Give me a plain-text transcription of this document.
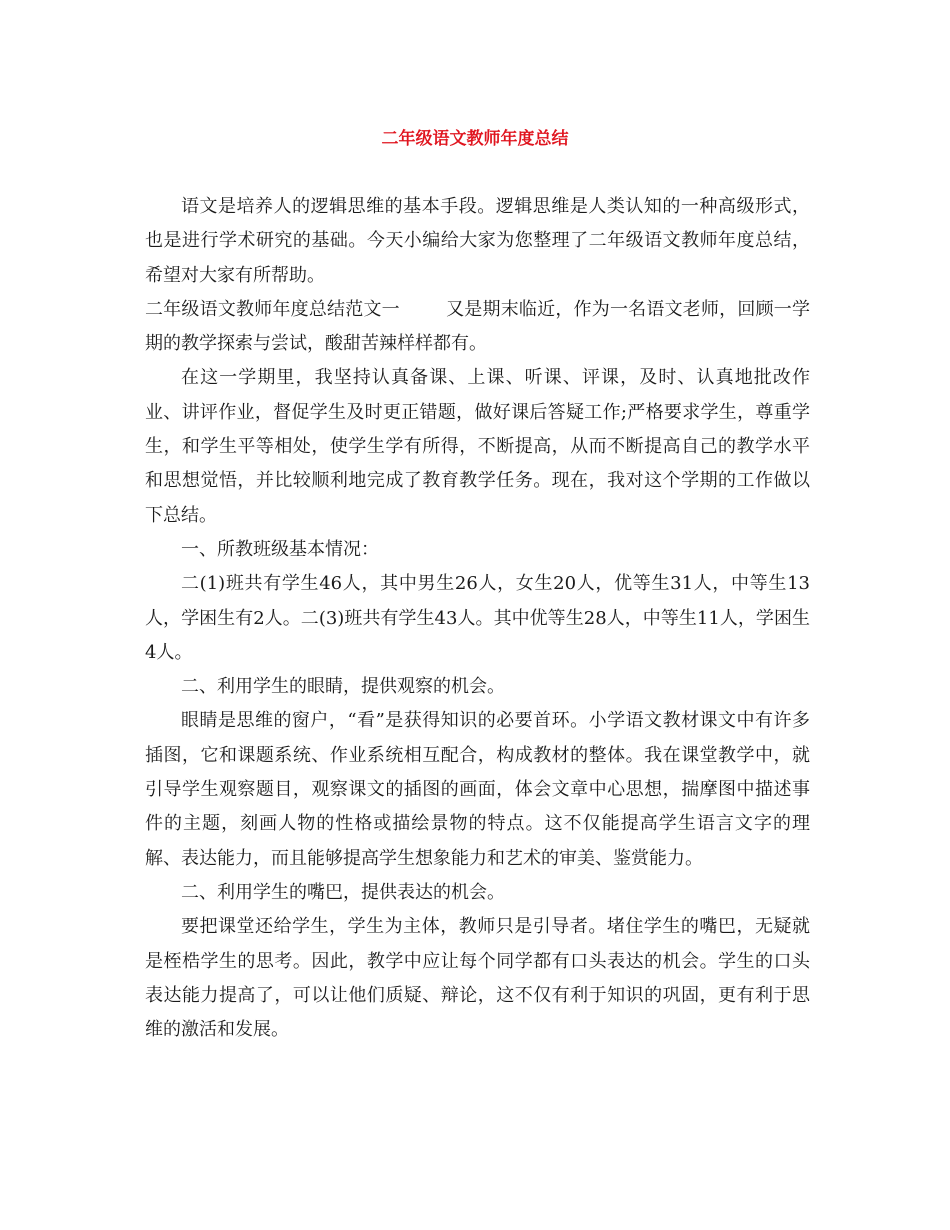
二年级语文教师年度总结

语文是培养人的逻辑思维的基本手段。逻辑思维是人类认知的一种高级形式，也是进行学术研究的基础。今天小编给大家为您整理了二年级语文教师年度总结，希望对大家有所帮助。

二年级语文教师年度总结范文一	又是期末临近，作为一名语文老师，回顾一学期的教学探索与尝试，酸甜苦辣样样都有。

在这一学期里，我坚持认真备课、上课、听课、评课，及时、认真地批改作业、讲评作业，督促学生及时更正错题，做好课后答疑工作;严格要求学生，尊重学生，和学生平等相处，使学生学有所得，不断提高，从而不断提高自己的教学水平和思想觉悟，并比较顺利地完成了教育教学任务。现在，我对这个学期的工作做以下总结。

一、所教班级基本情况：

二(1)班共有学生46人，其中男生26人，女生20人，优等生31人，中等生13人，学困生有2人。二(3)班共有学生43人。其中优等生28人，中等生11人，学困生4人。

二、利用学生的眼睛，提供观察的机会。

眼睛是思维的窗户，“看”是获得知识的必要首环。小学语文教材课文中有许多插图，它和课题系统、作业系统相互配合，构成教材的整体。我在课堂教学中，就引导学生观察题目，观察课文的插图的画面，体会文章中心思想，揣摩图中描述事件的主题，刻画人物的性格或描绘景物的特点。这不仅能提高学生语言文字的理解、表达能力，而且能够提高学生想象能力和艺术的审美、鉴赏能力。

二、利用学生的嘴巴，提供表达的机会。

要把课堂还给学生，学生为主体，教师只是引导者。堵住学生的嘴巴，无疑就是桎梏学生的思考。因此，教学中应让每个同学都有口头表达的机会。学生的口头表达能力提高了，可以让他们质疑、辩论，这不仅有利于知识的巩固，更有利于思维的激活和发展。
